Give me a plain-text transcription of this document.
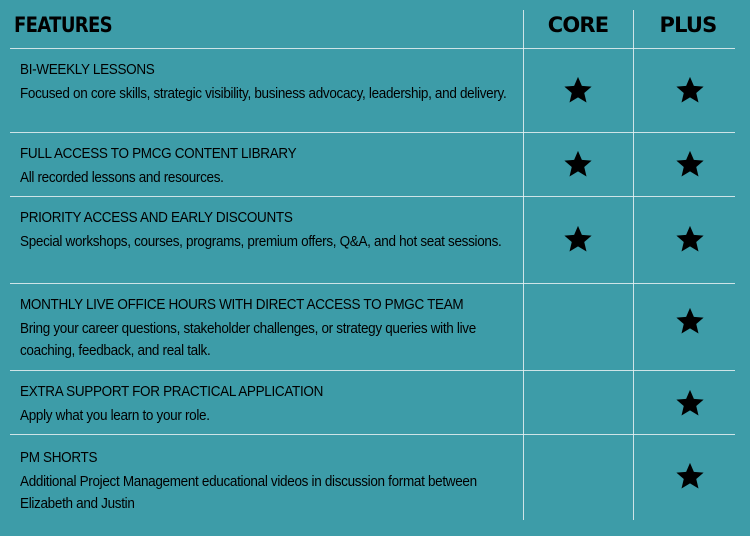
FEATURES	CORE	PLUS
BI-WEEKLY LESSONS
Focused on core skills, strategic visibility, business advocacy, leadership, and delivery.
FULL ACCESS TO PMCG CONTENT LIBRARY
All recorded lessons and resources.
PRIORITY ACCESS AND EARLY DISCOUNTS
Special workshops, courses, programs, premium offers, Q&A, and hot seat sessions.
MONTHLY LIVE OFFICE HOURS WITH DIRECT ACCESS TO PMGC TEAM
Bring your career questions, stakeholder challenges, or strategy queries with live coaching, feedback, and real talk.
EXTRA SUPPORT FOR PRACTICAL APPLICATION
Apply what you learn to your role.
PM SHORTS
Additional Project Management educational videos in discussion format between Elizabeth and Justin
